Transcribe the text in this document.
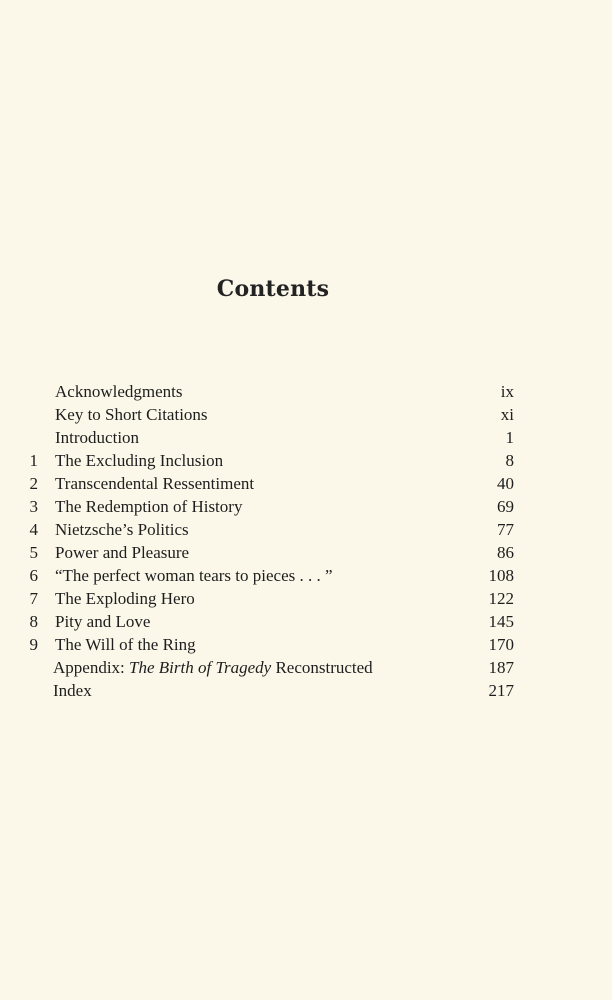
Contents
Acknowledgments	ix
Key to Short Citations	xi
Introduction	1
1 The Excluding Inclusion	8
2 Transcendental Ressentiment	40
3 The Redemption of History	69
4 Nietzsche’s Politics	77
5 Power and Pleasure	86
6 “The perfect woman tears to pieces . . . ”	108
7 The Exploding Hero	122
8 Pity and Love	145
9 The Will of the Ring	170
Appendix: The Birth of Tragedy Reconstructed	187
Index	217
